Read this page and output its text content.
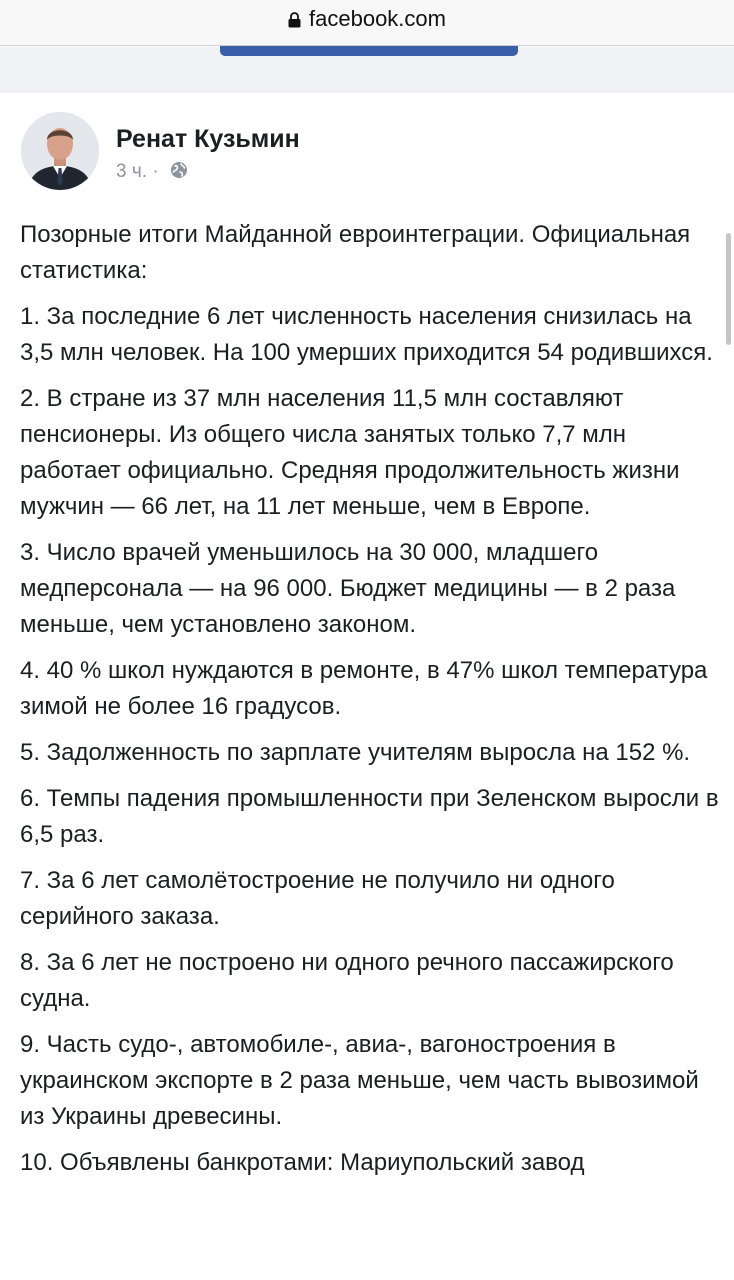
facebook.com
Ренат Кузьмин
3 ч. ·

Позорные итоги Майданной евроинтеграции. Официальная статистика:

1. За последние 6 лет численность населения снизилась на 3,5 млн человек. На 100 умерших приходится 54 родившихся.

2. В стране из 37 млн населения 11,5 млн составляют пенсионеры. Из общего числа занятых только 7,7 млн работает официально. Средняя продолжительность жизни мужчин — 66 лет, на 11 лет меньше, чем в Европе.

3. Число врачей уменьшилось на 30 000, младшего медперсонала — на 96 000. Бюджет медицины — в 2 раза меньше, чем установлено законом.

4. 40 % школ нуждаются в ремонте, в 47% школ температура зимой не более 16 градусов.

5. Задолженность по зарплате учителям выросла на 152 %.

6. Темпы падения промышленности при Зеленском выросли в 6,5 раз.

7. За 6 лет самолётостроение не получило ни одного серийного заказа.

8. За 6 лет не построено ни одного речного пассажирского судна.

9. Часть судо-, автомобиле-, авиа-, вагоностроения в украинском экспорте в 2 раза меньше, чем часть вывозимой из Украины древесины.

10. Объявлены банкротами: Мариупольский завод
